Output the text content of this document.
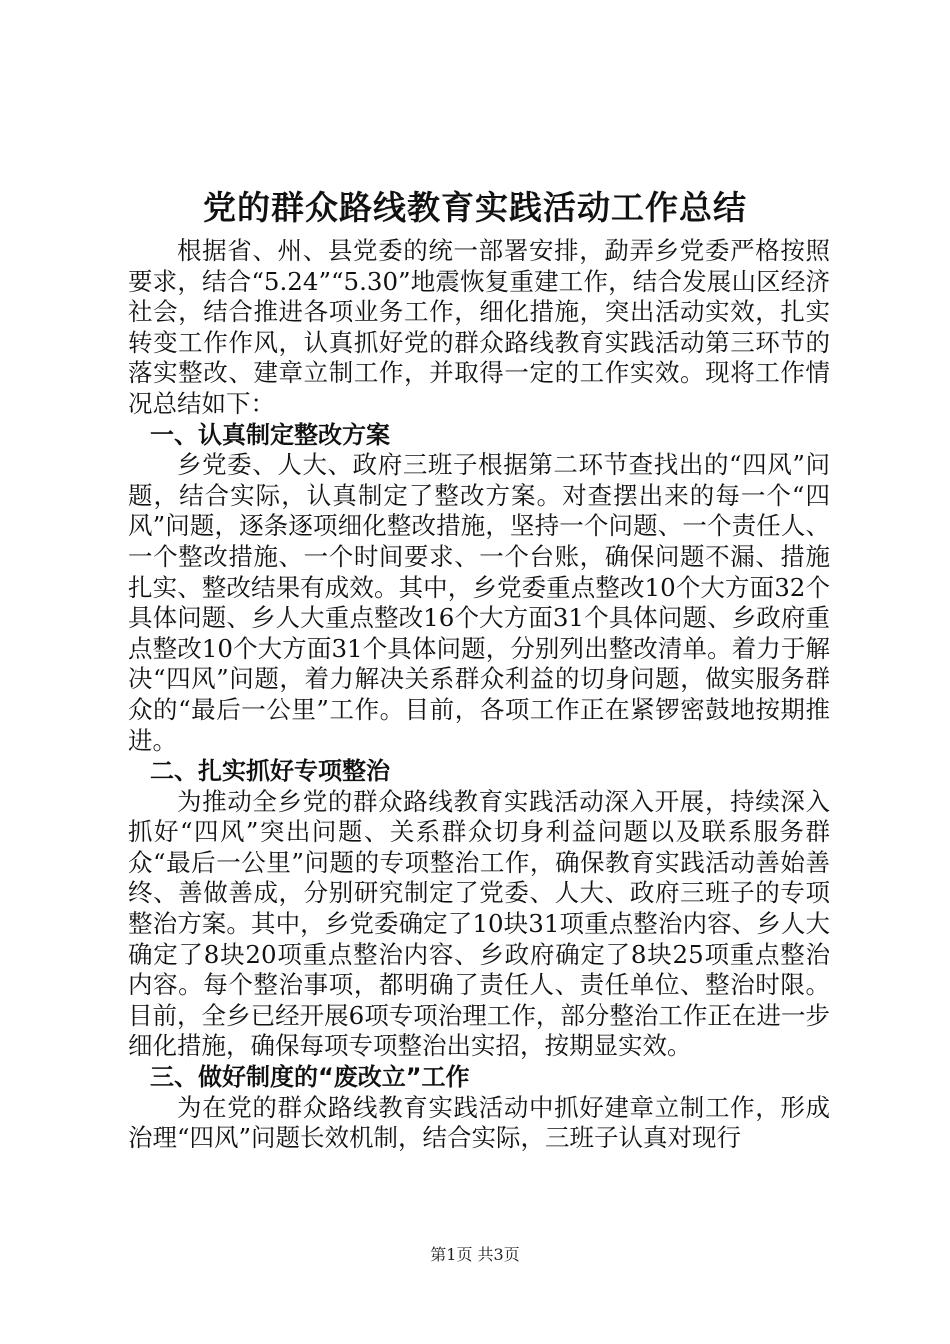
党的群众路线教育实践活动工作总结

根据省、州、县党委的统一部署安排，勐弄乡党委严格按照要求，结合“5.24”“5.30”地震恢复重建工作，结合发展山区经济社会，结合推进各项业务工作，细化措施，突出活动实效，扎实转变工作作风，认真抓好党的群众路线教育实践活动第三环节的落实整改、建章立制工作，并取得一定的工作实效。现将工作情况总结如下：

一、认真制定整改方案

乡党委、人大、政府三班子根据第二环节查找出的“四风”问题，结合实际，认真制定了整改方案。对查摆出来的每一个“四风”问题，逐条逐项细化整改措施，坚持一个问题、一个责任人、一个整改措施、一个时间要求、一个台账，确保问题不漏、措施扎实、整改结果有成效。其中，乡党委重点整改10个大方面32个具体问题、乡人大重点整改16个大方面31个具体问题、乡政府重点整改10个大方面31个具体问题，分别列出整改清单。着力于解决“四风”问题，着力解决关系群众利益的切身问题，做实服务群众的“最后一公里”工作。目前，各项工作正在紧锣密鼓地按期推进。

二、扎实抓好专项整治

为推动全乡党的群众路线教育实践活动深入开展，持续深入抓好“四风”突出问题、关系群众切身利益问题以及联系服务群众“最后一公里”问题的专项整治工作，确保教育实践活动善始善终、善做善成，分别研究制定了党委、人大、政府三班子的专项整治方案。其中，乡党委确定了10块31项重点整治内容、乡人大确定了8块20项重点整治内容、乡政府确定了8块25项重点整治内容。每个整治事项，都明确了责任人、责任单位、整治时限。目前，全乡已经开展6项专项治理工作，部分整治工作正在进一步细化措施，确保每项专项整治出实招，按期显实效。

三、做好制度的“废改立”工作

为在党的群众路线教育实践活动中抓好建章立制工作，形成治理“四风”问题长效机制，结合实际，三班子认真对现行

第1页 共3页
